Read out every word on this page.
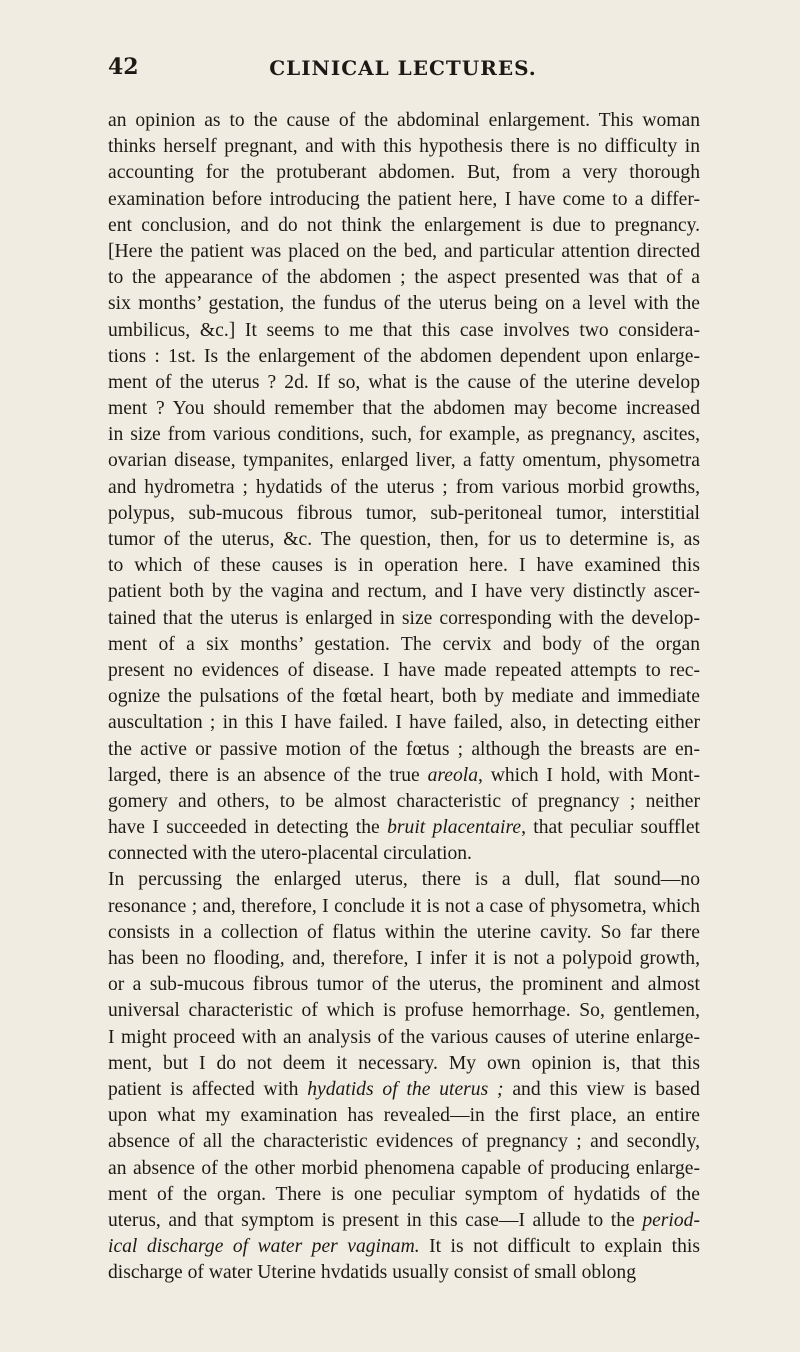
42	CLINICAL LECTURES.
an opinion as to the cause of the abdominal enlargement. This woman
thinks herself pregnant, and with this hypothesis there is no difficulty in
accounting for the protuberant abdomen. But, from a very thorough
examination before introducing the patient here, I have come to a differ-
ent conclusion, and do not think the enlargement is due to pregnancy.
[Here the patient was placed on the bed, and particular attention directed
to the appearance of the abdomen ; the aspect presented was that of a
six months’ gestation, the fundus of the uterus being on a level with the
umbilicus, &c.] It seems to me that this case involves two considera-
tions : 1st. Is the enlargement of the abdomen dependent upon enlarge-
ment of the uterus ? 2d. If so, what is the cause of the uterine develop
ment ? You should remember that the abdomen may become increased
in size from various conditions, such, for example, as pregnancy, ascites,
ovarian disease, tympanites, enlarged liver, a fatty omentum, physometra
and hydrometra ; hydatids of the uterus ; from various morbid growths,
polypus, sub-mucous fibrous tumor, sub-peritoneal tumor, interstitial
tumor of the uterus, &c. The question, then, for us to determine is, as
to which of these causes is in operation here. I have examined this
patient both by the vagina and rectum, and I have very distinctly ascer-
tained that the uterus is enlarged in size corresponding with the develop-
ment of a six months’ gestation. The cervix and body of the organ
present no evidences of disease. I have made repeated attempts to rec-
ognize the pulsations of the fœtal heart, both by mediate and immediate
auscultation ; in this I have failed. I have failed, also, in detecting either
the active or passive motion of the fœtus ; although the breasts are en-
larged, there is an absence of the true areola, which I hold, with Mont-
gomery and others, to be almost characteristic of pregnancy ; neither
have I succeeded in detecting the bruit placentaire, that peculiar soufflet
connected with the utero-placental circulation.
In percussing the enlarged uterus, there is a dull, flat sound—no
resonance ; and, therefore, I conclude it is not a case of physometra, which
consists in a collection of flatus within the uterine cavity. So far there
has been no flooding, and, therefore, I infer it is not a polypoid growth,
or a sub-mucous fibrous tumor of the uterus, the prominent and almost
universal characteristic of which is profuse hemorrhage. So, gentlemen,
I might proceed with an analysis of the various causes of uterine enlarge-
ment, but I do not deem it necessary. My own opinion is, that this
patient is affected with hydatids of the uterus ; and this view is based
upon what my examination has revealed—in the first place, an entire
absence of all the characteristic evidences of pregnancy ; and secondly,
an absence of the other morbid phenomena capable of producing enlarge-
ment of the organ. There is one peculiar symptom of hydatids of the
uterus, and that symptom is present in this case—I allude to the period-
ical discharge of water per vaginam. It is not difficult to explain this
discharge of water Uterine hvdatids usually consist of small oblong
